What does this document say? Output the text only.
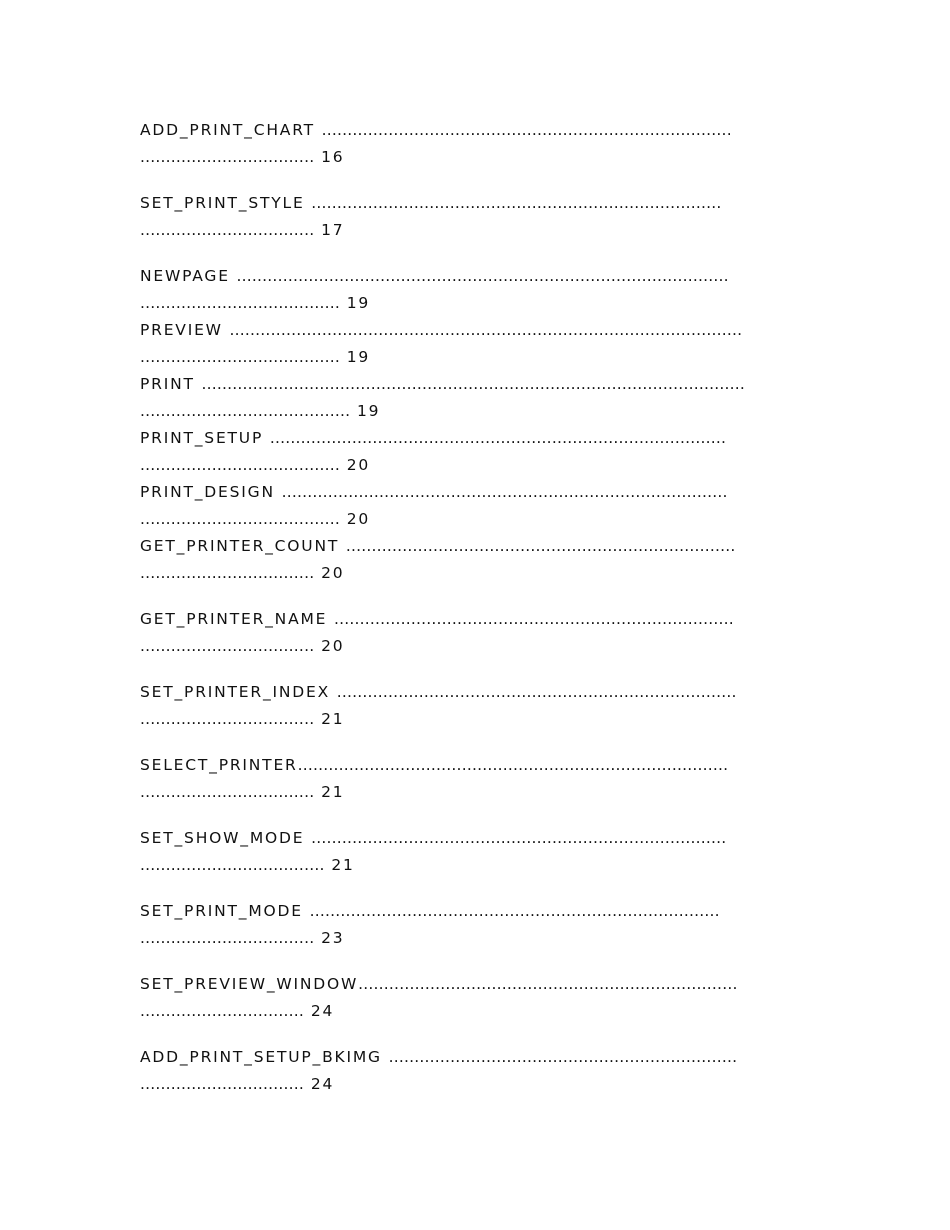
ADD_PRINT_CHART ................................................................................
.................................. 16
SET_PRINT_STYLE ................................................................................
.................................. 17
NEWPAGE ................................................................................................
....................................... 19
PREVIEW ....................................................................................................
....................................... 19
PRINT ..........................................................................................................
......................................... 19
PRINT_SETUP .........................................................................................
....................................... 20
PRINT_DESIGN .......................................................................................
....................................... 20
GET_PRINTER_COUNT ............................................................................
.................................. 20
GET_PRINTER_NAME ..............................................................................
.................................. 20
SET_PRINTER_INDEX ..............................................................................
.................................. 21
SELECT_PRINTER....................................................................................
.................................. 21
SET_SHOW_MODE .................................................................................
.................................... 21
SET_PRINT_MODE ................................................................................
.................................. 23
SET_PREVIEW_WINDOW..........................................................................
................................ 24
ADD_PRINT_SETUP_BKIMG ....................................................................
................................ 24
